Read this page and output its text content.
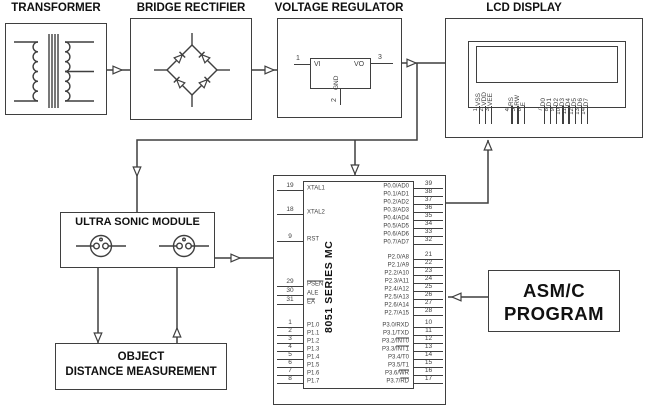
TRANSFORMER	BRIDGE RECTIFIER	VOLTAGE REGULATOR	LCD DISPLAY
VI	VO
GND
1	3
2	VSS
1
VDD
2
VEE
3
RS
4
RW
5
E
6
D0
7
D1
8
D2
9
D3
10
D4
11
D5
12
D6
13
D7
14
8051 SERIES MC
19 XTAL1
18 XTAL2
9	RST
29 PSEN
30 ALE
31 $\overline{EA}$
1	P1.0
2	P1.1
3	P1.2
4	P1.3
5	P1.4
6	P1.5
7	P1.6
8	P1.7
P0.0/AD0 39
P0.1/AD1 38
P0.2/AD2 37
P0.3/AD3 36
P0.4/AD4 35
P0.5/AD5 34
P0.6/AD6 33
P0.7/AD7 32
P2.0/A8 21
P2.1/A9 22
P2.2/A10 23
P2.3/A11 24
P2.4/A12 25
P2.5/A13 26
P2.6/A14 27
P2.7/A15 28
P3.0/RXD 10
P3.1/TXD 11
P3.2/INT0 12
P3.3/INT1 13
P3.4/T0 14
P3.5/T1 15
$P3.6/\overline{WR}$ 16
$P3.7/\overline{RD}$ 17
ULTRA SONIC MODULE
OBJECT
DISTANCE MEASUREMENT
ASM/C
PROGRAM
